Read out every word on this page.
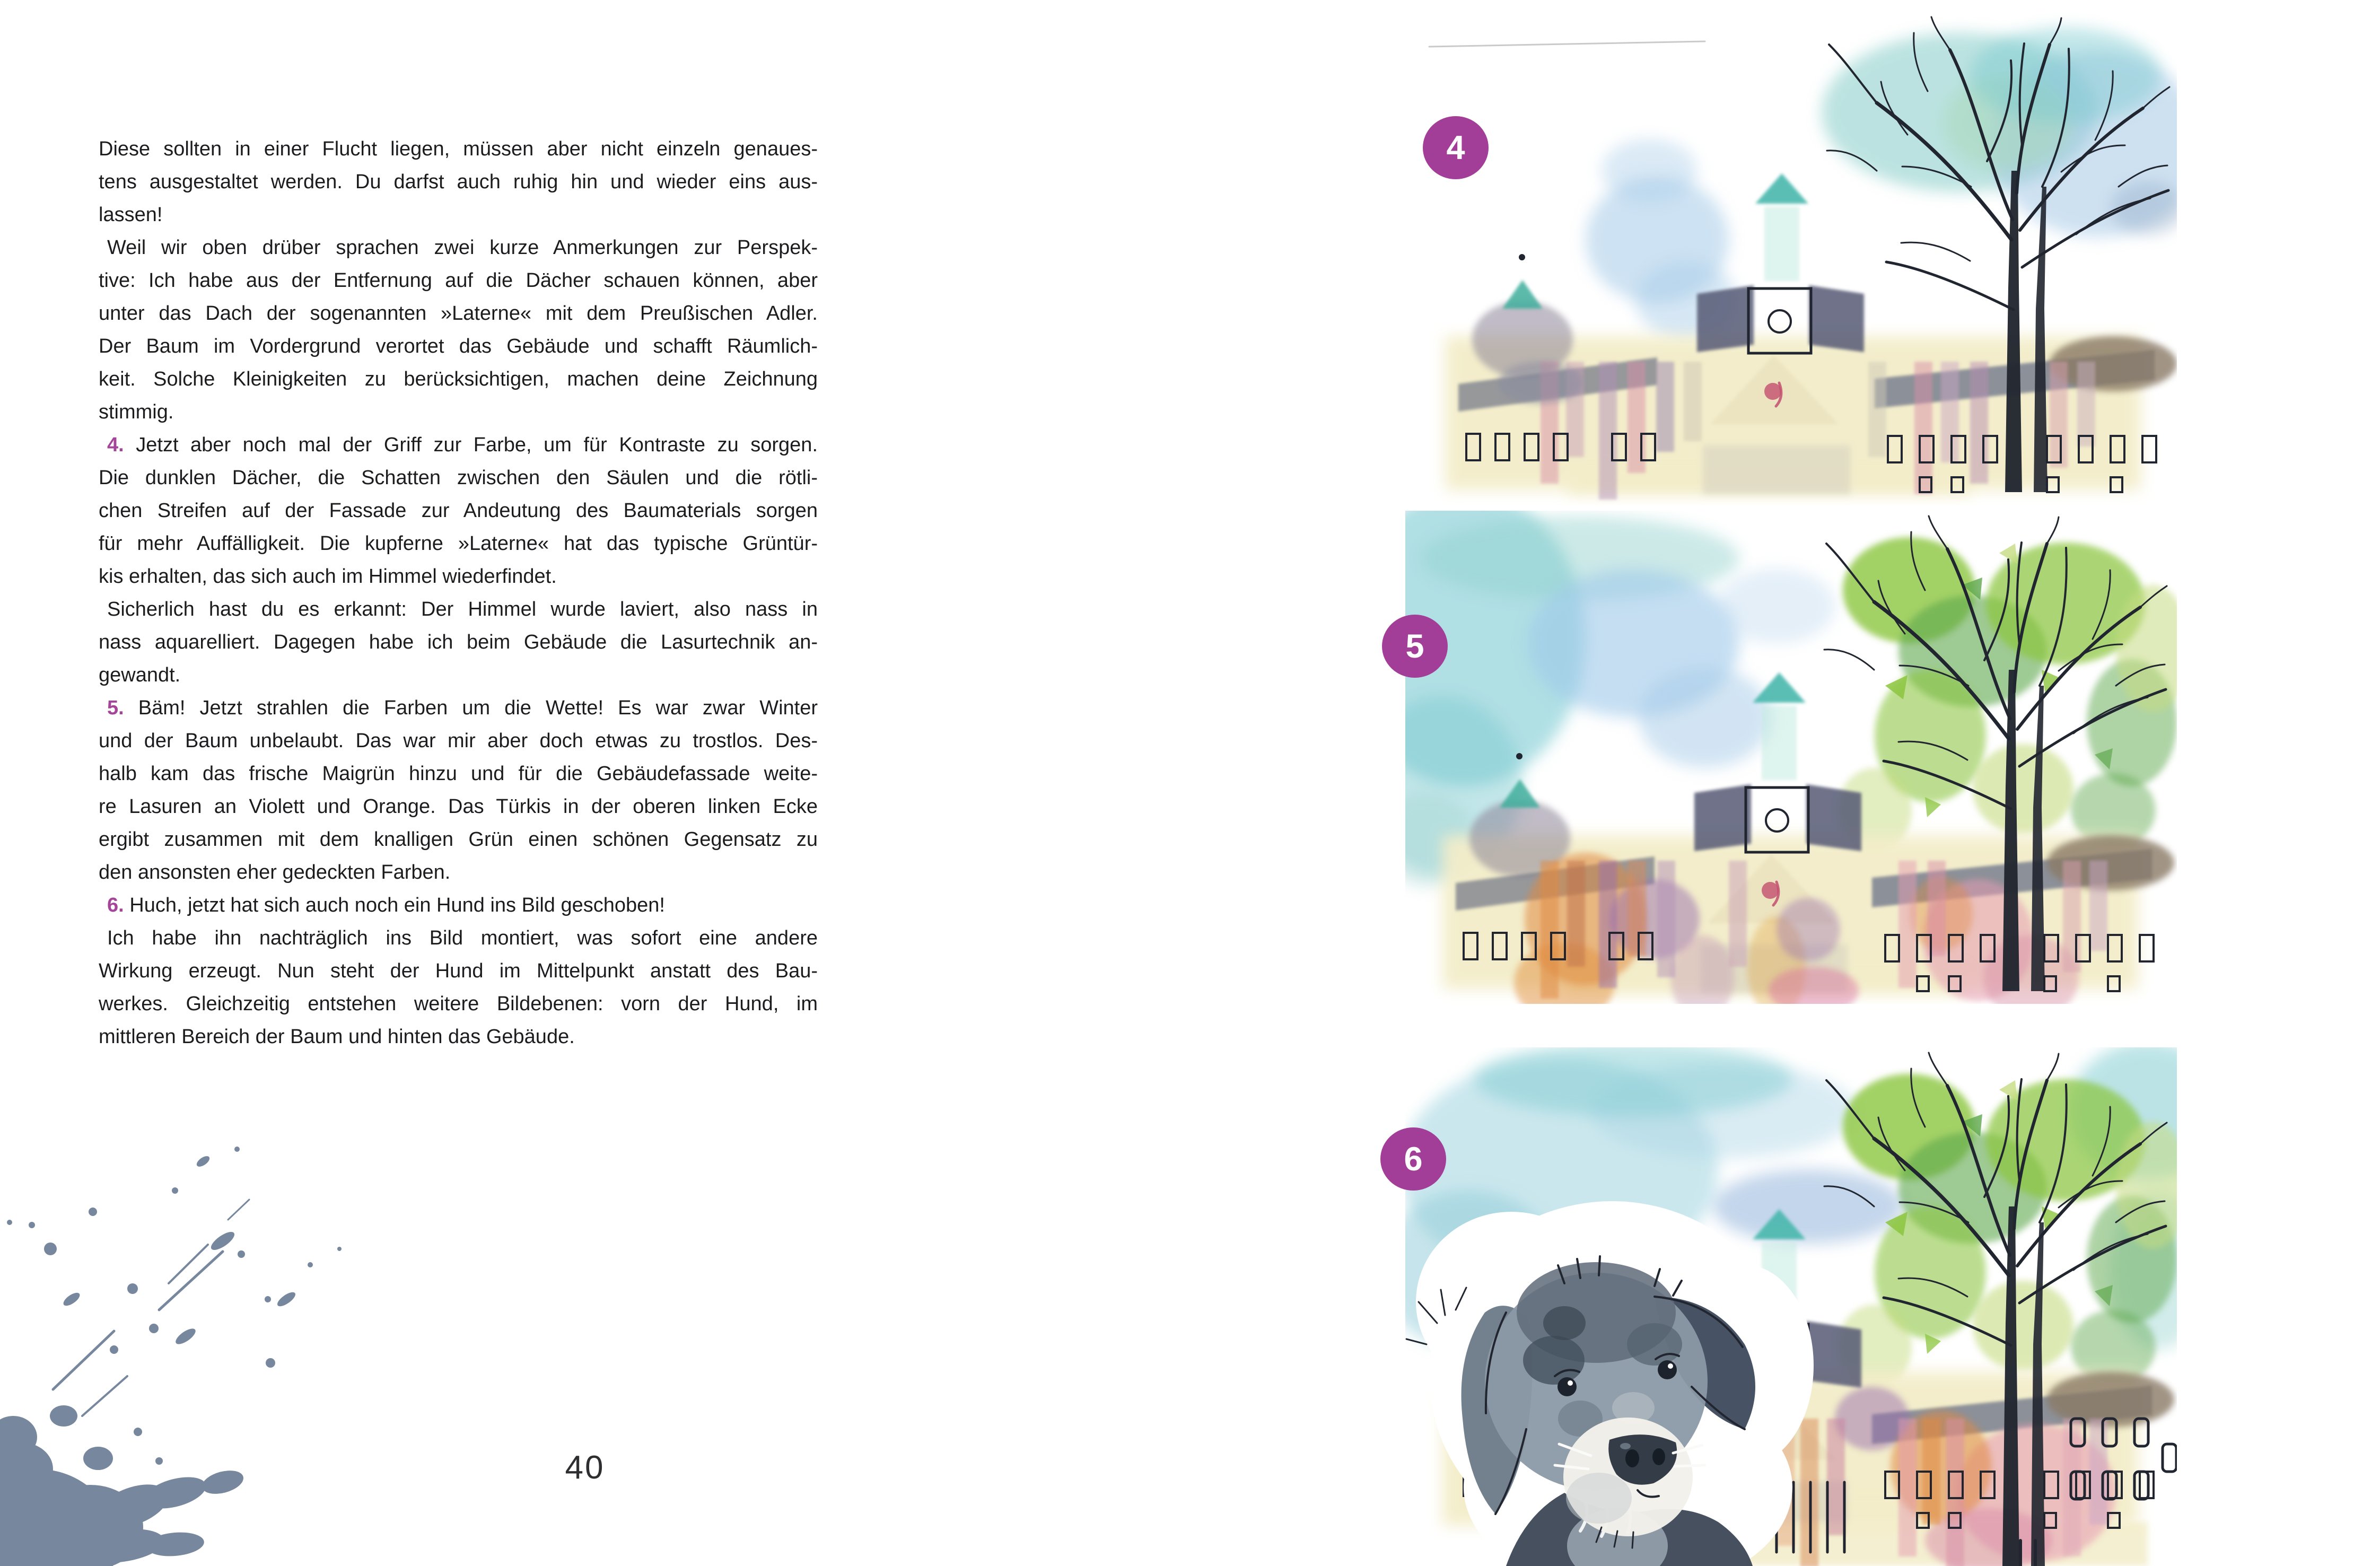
Diese sollten in einer Flucht liegen, müssen aber nicht einzeln genaues-
tens ausgestaltet werden. Du darfst auch ruhig hin und wieder eins aus-
lassen!
Weil wir oben drüber sprachen zwei kurze Anmerkungen zur Perspek-
tive: Ich habe aus der Entfernung auf die Dächer schauen können, aber
unter das Dach der sogenannten »Laterne« mit dem Preußischen Adler.
Der Baum im Vordergrund verortet das Gebäude und schafft Räumlich-
keit. Solche Kleinigkeiten zu berücksichtigen, machen deine Zeichnung
stimmig.
4. Jetzt aber noch mal der Griff zur Farbe, um für Kontraste zu sorgen.
Die dunklen Dächer, die Schatten zwischen den Säulen und die rötli-
chen Streifen auf der Fassade zur Andeutung des Baumaterials sorgen
für mehr Auffälligkeit. Die kupferne »Laterne« hat das typische Grüntür-
kis erhalten, das sich auch im Himmel wiederfindet.
Sicherlich hast du es erkannt: Der Himmel wurde laviert, also nass in
nass aquarelliert. Dagegen habe ich beim Gebäude die Lasurtechnik an-
gewandt.
5. Bäm! Jetzt strahlen die Farben um die Wette! Es war zwar Winter
und der Baum unbelaubt. Das war mir aber doch etwas zu trostlos. Des-
halb kam das frische Maigrün hinzu und für die Gebäudefassade weite-
re Lasuren an Violett und Orange. Das Türkis in der oberen linken Ecke
ergibt zusammen mit dem knalligen Grün einen schönen Gegensatz zu
den ansonsten eher gedeckten Farben.
6. Huch, jetzt hat sich auch noch ein Hund ins Bild geschoben!
Ich habe ihn nachträglich ins Bild montiert, was sofort eine andere
Wirkung erzeugt. Nun steht der Hund im Mittelpunkt anstatt des Bau-
werkes. Gleichzeitig entstehen weitere Bildebenen: vorn der Hund, im
mittleren Bereich der Baum und hinten das Gebäude.
40
4
5
6
